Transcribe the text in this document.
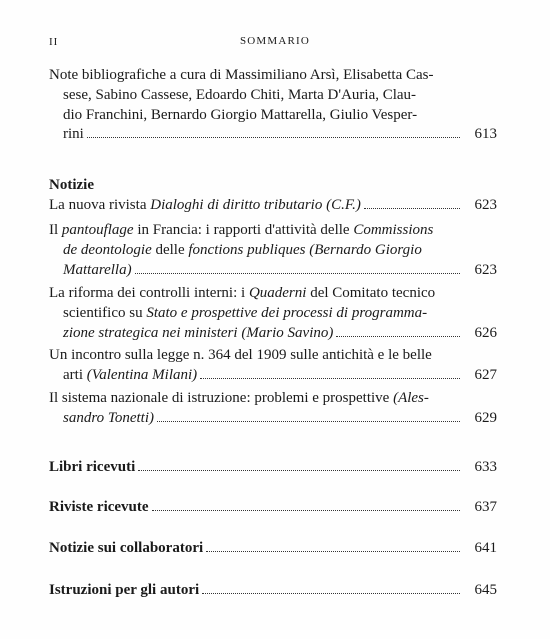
II	SOMMARIO
Note bibliografiche a cura di Massimiliano Arsì, Elisabetta Cas-
sese, Sabino Cassese, Edoardo Chiti, Marta D'Auria, Clau-
dio Franchini, Bernardo Giorgio Mattarella, Giulio Vesper-
rini	613
Notizie
La nuova rivista Dialoghi di diritto tributario (C.F.)	623
Il pantouflage in Francia: i rapporti d'attività delle Commissions
de deontologie delle fonctions publiques (Bernardo Giorgio
Mattarella)	623
La riforma dei controlli interni: i Quaderni del Comitato tecnico
scientifico su Stato e prospettive dei processi di programma-
zione strategica nei ministeri (Mario Savino)	626
Un incontro sulla legge n. 364 del 1909 sulle antichità e le belle
arti (Valentina Milani)	627
Il sistema nazionale di istruzione: problemi e prospettive (Ales-
sandro Tonetti)	629
Libri ricevuti	633
Riviste ricevute	637
Notizie sui collaboratori	641
Istruzioni per gli autori	645
